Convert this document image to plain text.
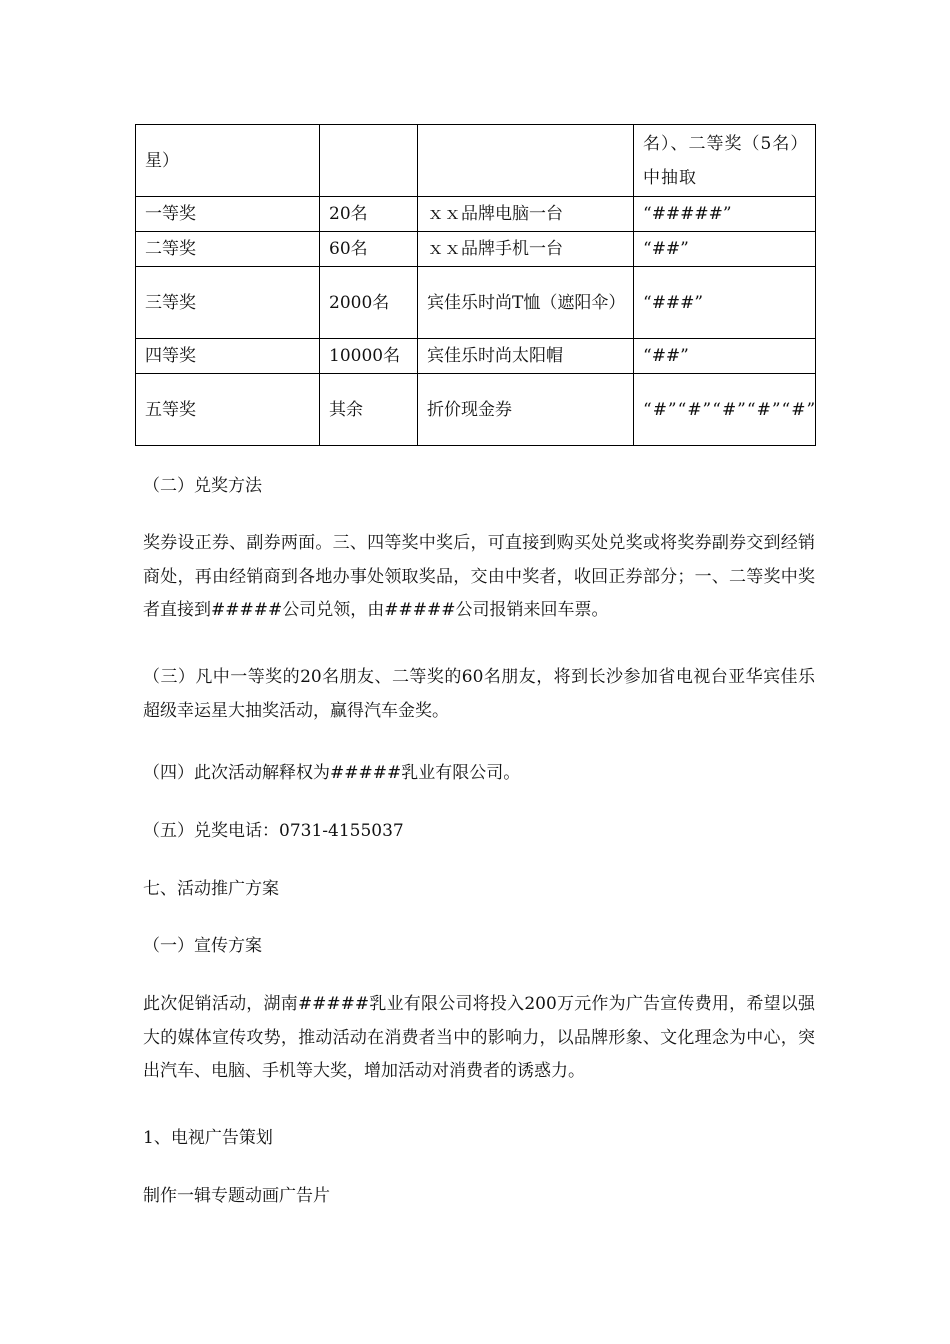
星）			名）、二等奖（5名）中抽取
一等奖	20名	ｘｘ品牌电脑一台	“#####”
二等奖	60名	ｘｘ品牌手机一台	“##”
三等奖	2000名	宾佳乐时尚T恤（遮阳伞）	“###”
四等奖	10000名	宾佳乐时尚太阳帽	“##”
五等奖	其余	折价现金券	“#”“#”“#”“#”“#”

（二）兑奖方法

奖券设正券、副券两面。三、四等奖中奖后，可直接到购买处兑奖或将奖券副券交到经销商处，再由经销商到各地办事处领取奖品，交由中奖者，收回正券部分；一、二等奖中奖者直接到#####公司兑领，由#####公司报销来回车票。

（三）凡中一等奖的20名朋友、二等奖的60名朋友，将到长沙参加省电视台亚华宾佳乐超级幸运星大抽奖活动，赢得汽车金奖。

（四）此次活动解释权为#####乳业有限公司。

（五）兑奖电话：0731-4155037

七、活动推广方案

（一）宣传方案

此次促销活动，湖南#####乳业有限公司将投入200万元作为广告宣传费用，希望以强大的媒体宣传攻势，推动活动在消费者当中的影响力，以品牌形象、文化理念为中心，突出汽车、电脑、手机等大奖，增加活动对消费者的诱惑力。

1、电视广告策划

制作一辑专题动画广告片
